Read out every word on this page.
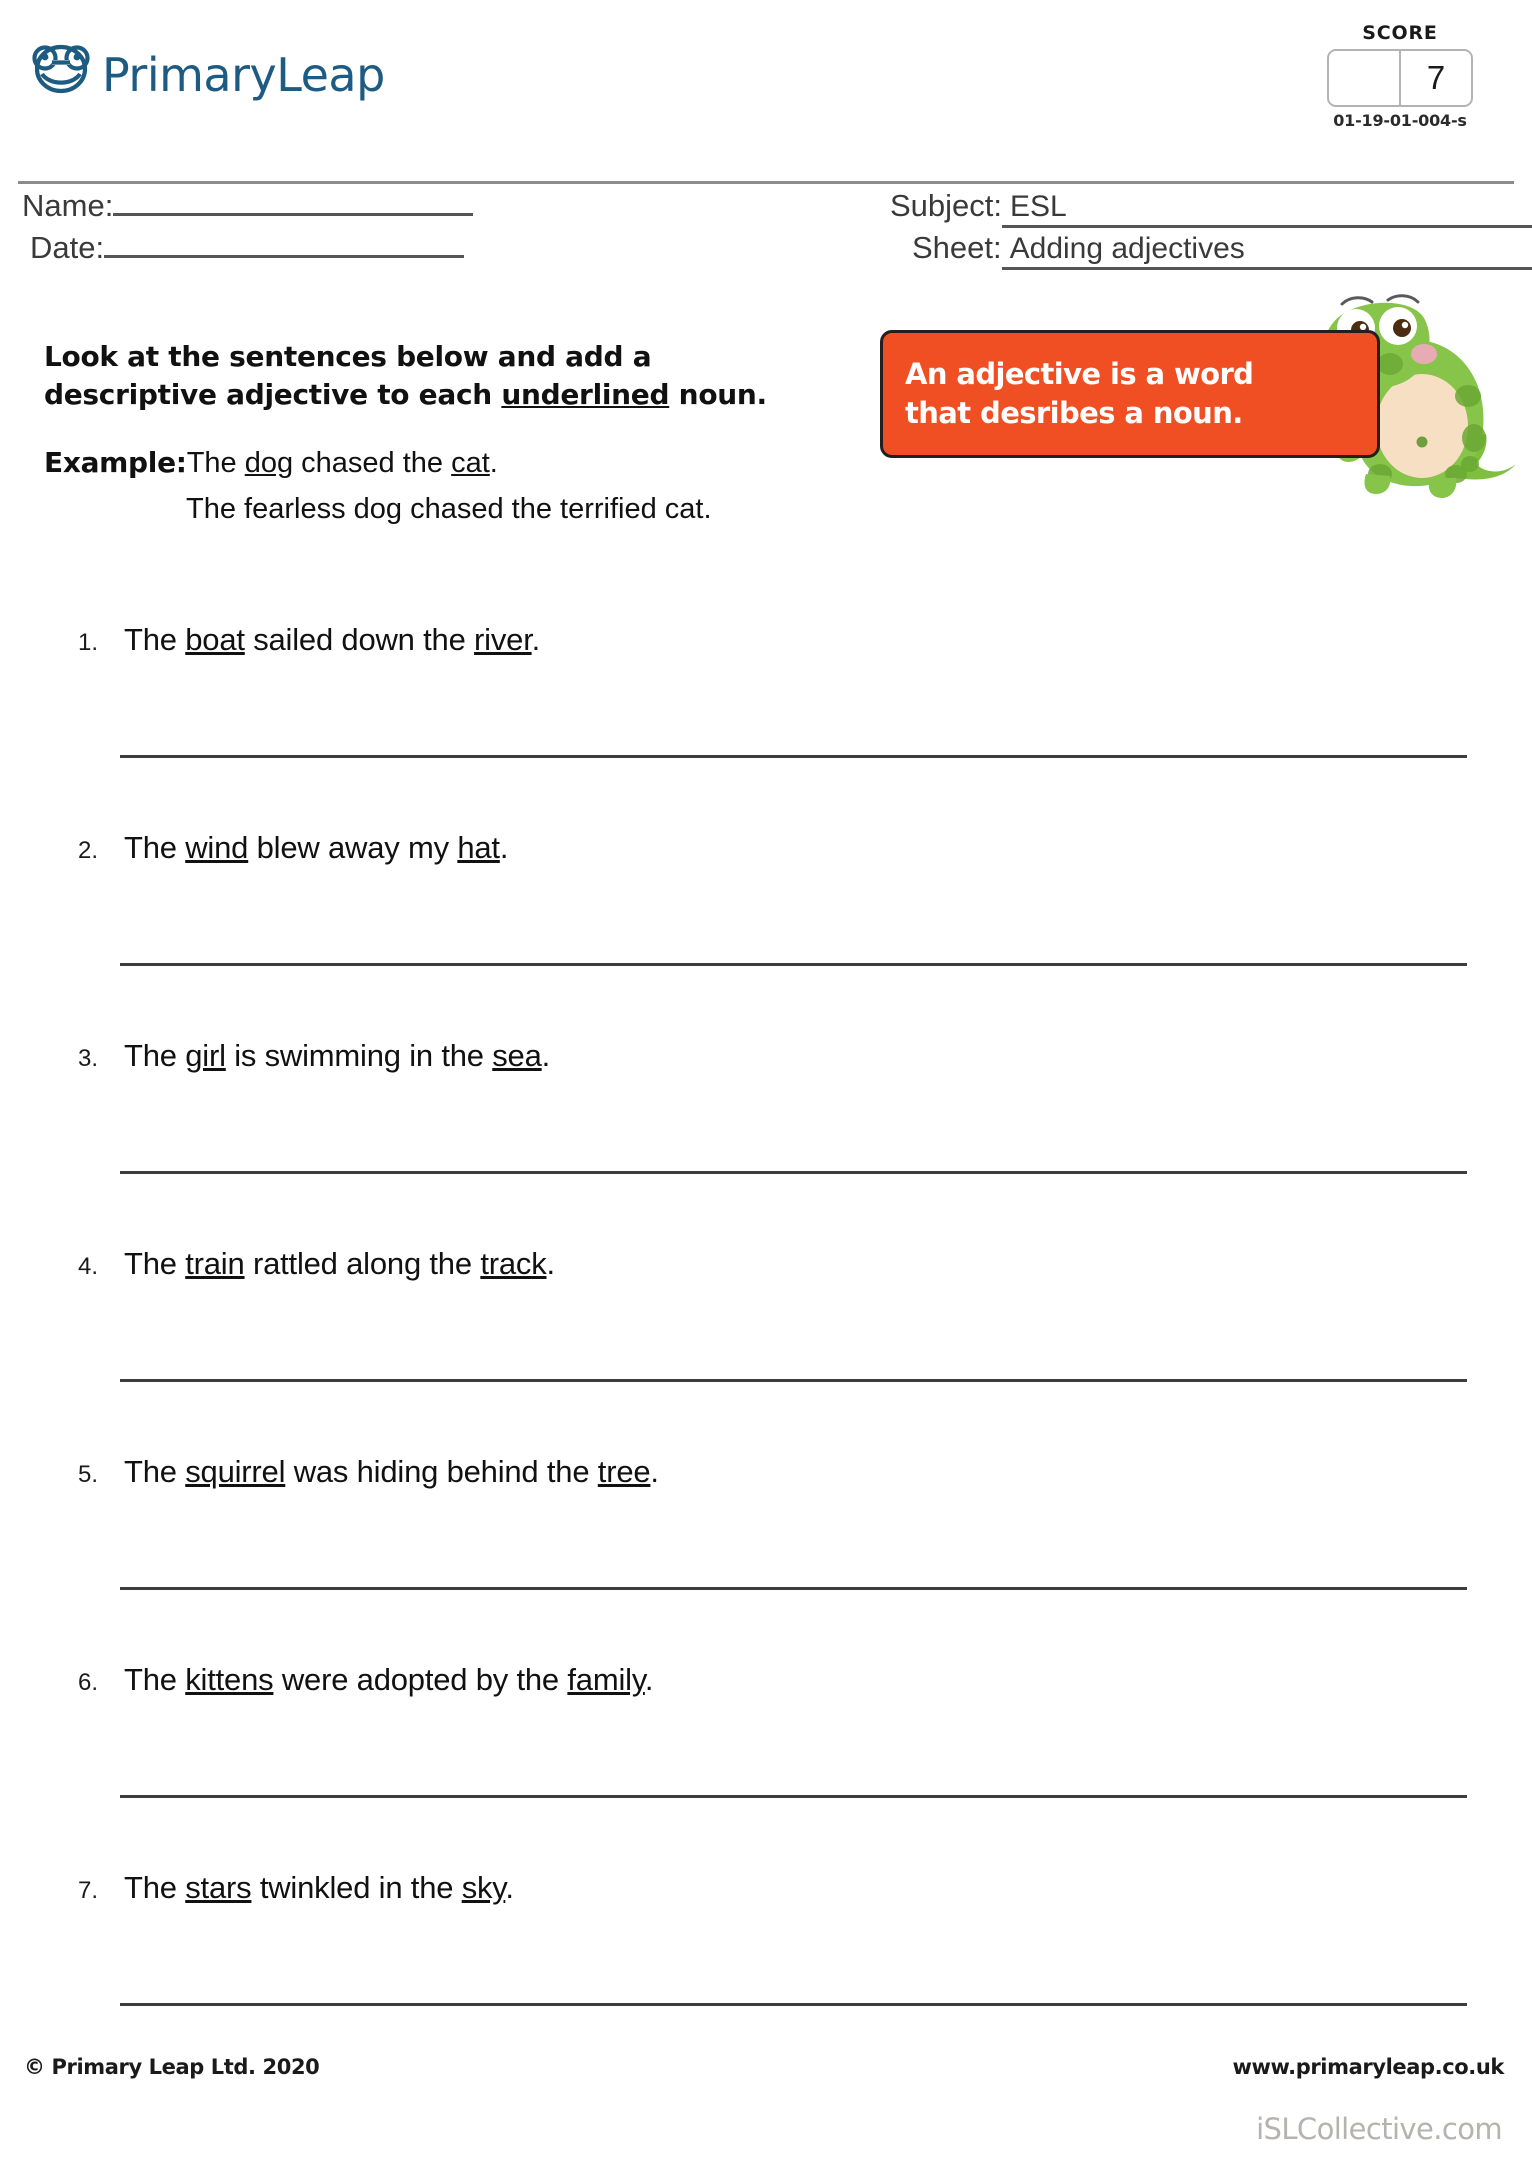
PrimaryLeap
SCORE
7
01-19-01-004-s
Name:
Date:
Subject: ESL
Sheet: Adding adjectives
Look at the sentences below and add a
descriptive adjective to each underlined noun.
Example: The dog chased the cat.
The fearless dog chased the terrified cat.
An adjective is a word
that desribes a noun.
1. The boat sailed down the river.
2. The wind blew away my hat.
3. The girl is swimming in the sea.
4. The train rattled along the track.
5. The squirrel was hiding behind the tree.
6. The kittens were adopted by the family.
7. The stars twinkled in the sky.
© Primary Leap Ltd. 2020	www.primaryleap.co.uk
iSLCollective.com
